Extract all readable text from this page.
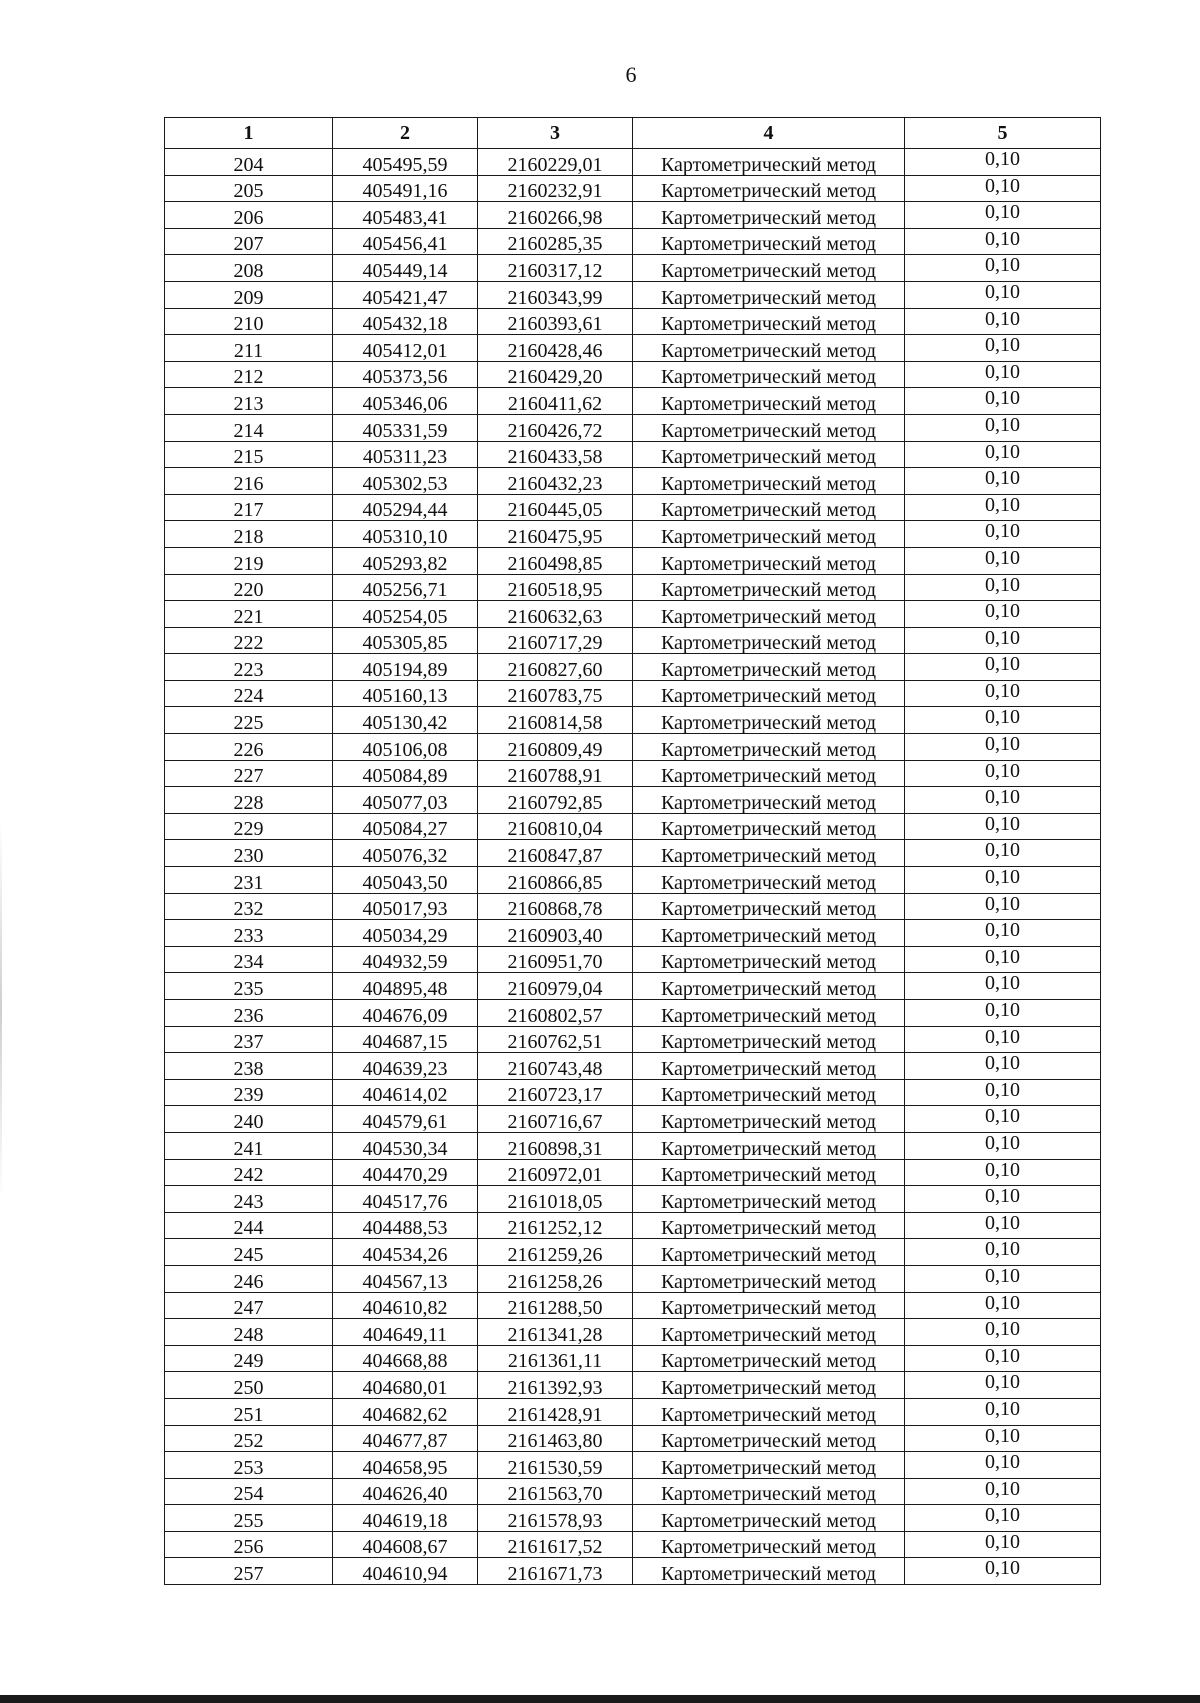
6
1	2	3	4	5
204	405495,59	2160229,01	Картометрический метод	0,10
205	405491,16	2160232,91	Картометрический метод	0,10
206	405483,41	2160266,98	Картометрический метод	0,10
207	405456,41	2160285,35	Картометрический метод	0,10
208	405449,14	2160317,12	Картометрический метод	0,10
209	405421,47	2160343,99	Картометрический метод	0,10
210	405432,18	2160393,61	Картометрический метод	0,10
211	405412,01	2160428,46	Картометрический метод	0,10
212	405373,56	2160429,20	Картометрический метод	0,10
213	405346,06	2160411,62	Картометрический метод	0,10
214	405331,59	2160426,72	Картометрический метод	0,10
215	405311,23	2160433,58	Картометрический метод	0,10
216	405302,53	2160432,23	Картометрический метод	0,10
217	405294,44	2160445,05	Картометрический метод	0,10
218	405310,10	2160475,95	Картометрический метод	0,10
219	405293,82	2160498,85	Картометрический метод	0,10
220	405256,71	2160518,95	Картометрический метод	0,10
221	405254,05	2160632,63	Картометрический метод	0,10
222	405305,85	2160717,29	Картометрический метод	0,10
223	405194,89	2160827,60	Картометрический метод	0,10
224	405160,13	2160783,75	Картометрический метод	0,10
225	405130,42	2160814,58	Картометрический метод	0,10
226	405106,08	2160809,49	Картометрический метод	0,10
227	405084,89	2160788,91	Картометрический метод	0,10
228	405077,03	2160792,85	Картометрический метод	0,10
229	405084,27	2160810,04	Картометрический метод	0,10
230	405076,32	2160847,87	Картометрический метод	0,10
231	405043,50	2160866,85	Картометрический метод	0,10
232	405017,93	2160868,78	Картометрический метод	0,10
233	405034,29	2160903,40	Картометрический метод	0,10
234	404932,59	2160951,70	Картометрический метод	0,10
235	404895,48	2160979,04	Картометрический метод	0,10
236	404676,09	2160802,57	Картометрический метод	0,10
237	404687,15	2160762,51	Картометрический метод	0,10
238	404639,23	2160743,48	Картометрический метод	0,10
239	404614,02	2160723,17	Картометрический метод	0,10
240	404579,61	2160716,67	Картометрический метод	0,10
241	404530,34	2160898,31	Картометрический метод	0,10
242	404470,29	2160972,01	Картометрический метод	0,10
243	404517,76	2161018,05	Картометрический метод	0,10
244	404488,53	2161252,12	Картометрический метод	0,10
245	404534,26	2161259,26	Картометрический метод	0,10
246	404567,13	2161258,26	Картометрический метод	0,10
247	404610,82	2161288,50	Картометрический метод	0,10
248	404649,11	2161341,28	Картометрический метод	0,10
249	404668,88	2161361,11	Картометрический метод	0,10
250	404680,01	2161392,93	Картометрический метод	0,10
251	404682,62	2161428,91	Картометрический метод	0,10
252	404677,87	2161463,80	Картометрический метод	0,10
253	404658,95	2161530,59	Картометрический метод	0,10
254	404626,40	2161563,70	Картометрический метод	0,10
255	404619,18	2161578,93	Картометрический метод	0,10
256	404608,67	2161617,52	Картометрический метод	0,10
257	404610,94	2161671,73	Картометрический метод	0,10
